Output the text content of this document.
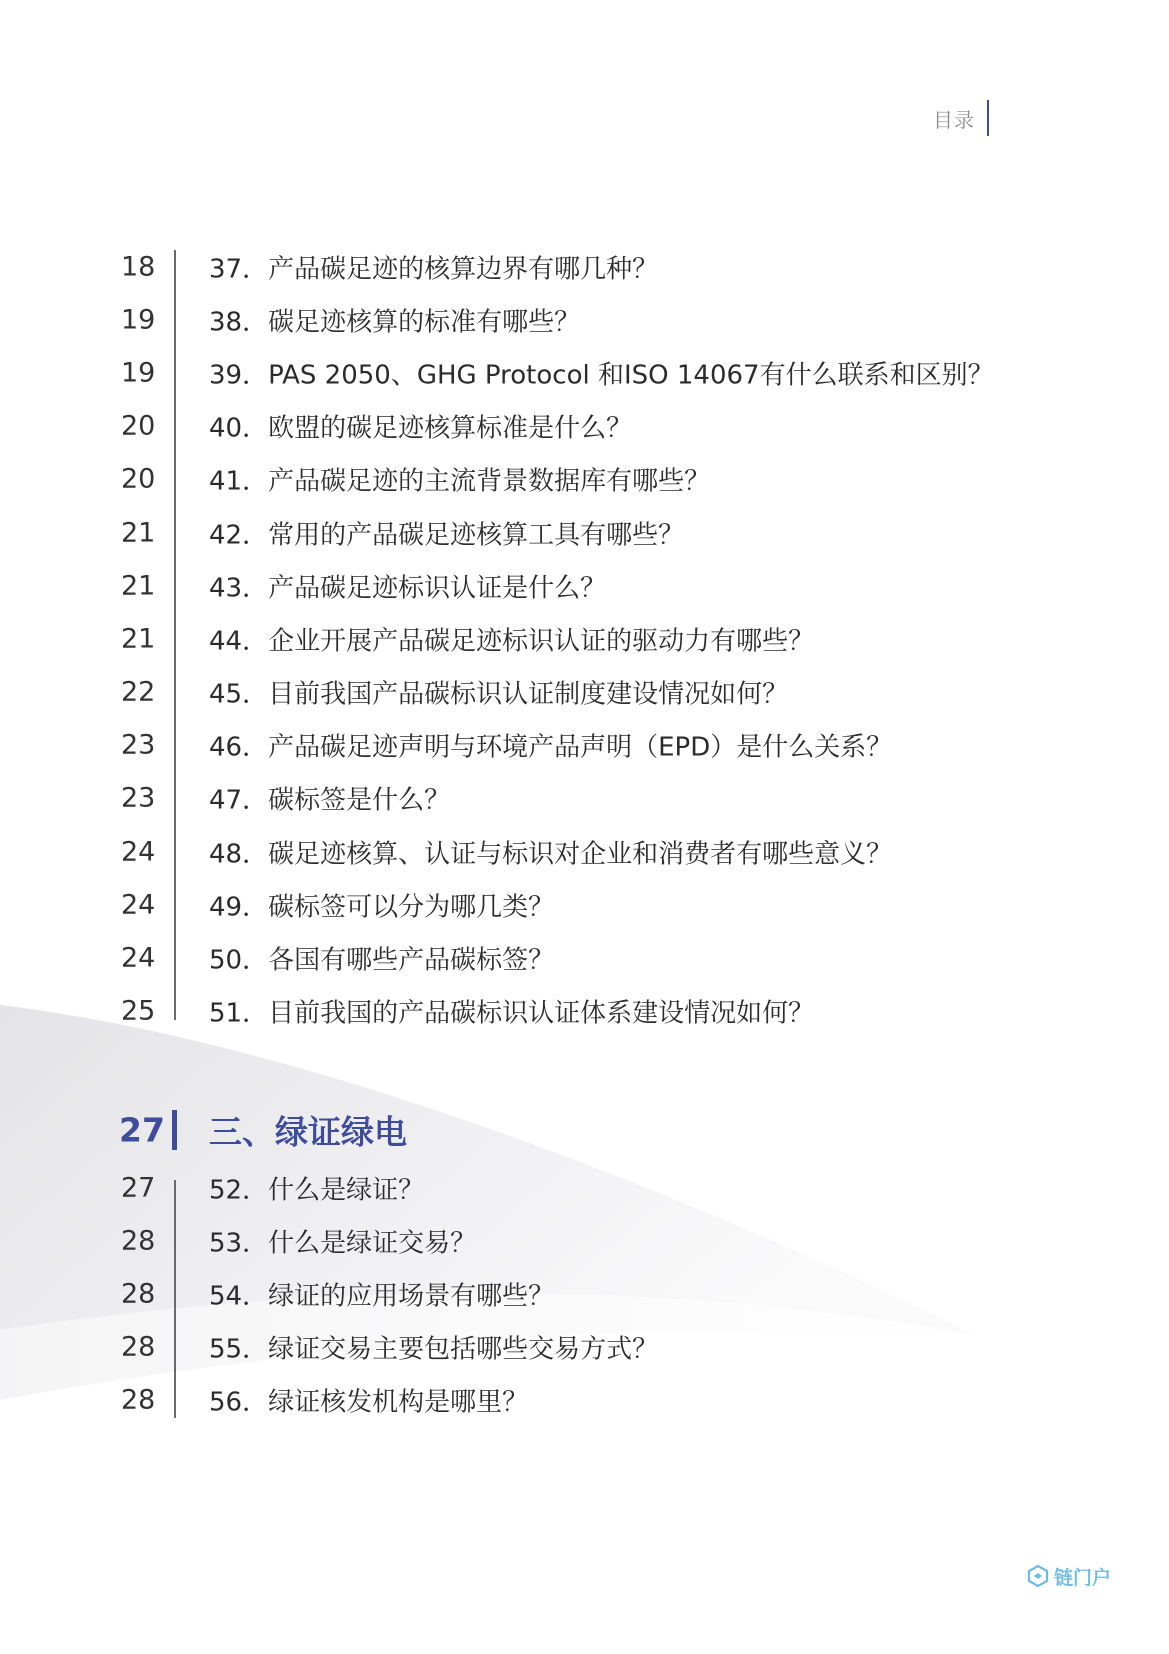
目录
18 37．产品碳足迹的核算边界有哪几种？
19 38．碳足迹核算的标准有哪些？
19 39．PAS 2050、GHG Protocol 和ISO 14067有什么联系和区别？
20 40．欧盟的碳足迹核算标准是什么？
20 41．产品碳足迹的主流背景数据库有哪些？
21 42．常用的产品碳足迹核算工具有哪些？
21 43．产品碳足迹标识认证是什么？
21 44．企业开展产品碳足迹标识认证的驱动力有哪些？
22 45．目前我国产品碳标识认证制度建设情况如何？
23 46．产品碳足迹声明与环境产品声明（EPD）是什么关系？
23 47．碳标签是什么？
24 48．碳足迹核算、认证与标识对企业和消费者有哪些意义？
24 49．碳标签可以分为哪几类？
24 50．各国有哪些产品碳标签？
25 51．目前我国的产品碳标识认证体系建设情况如何？
27 三、绿证绿电
27 52．什么是绿证？
28 53．什么是绿证交易？
28 54．绿证的应用场景有哪些？
28 55．绿证交易主要包括哪些交易方式？
28 56．绿证核发机构是哪里？
链门户
